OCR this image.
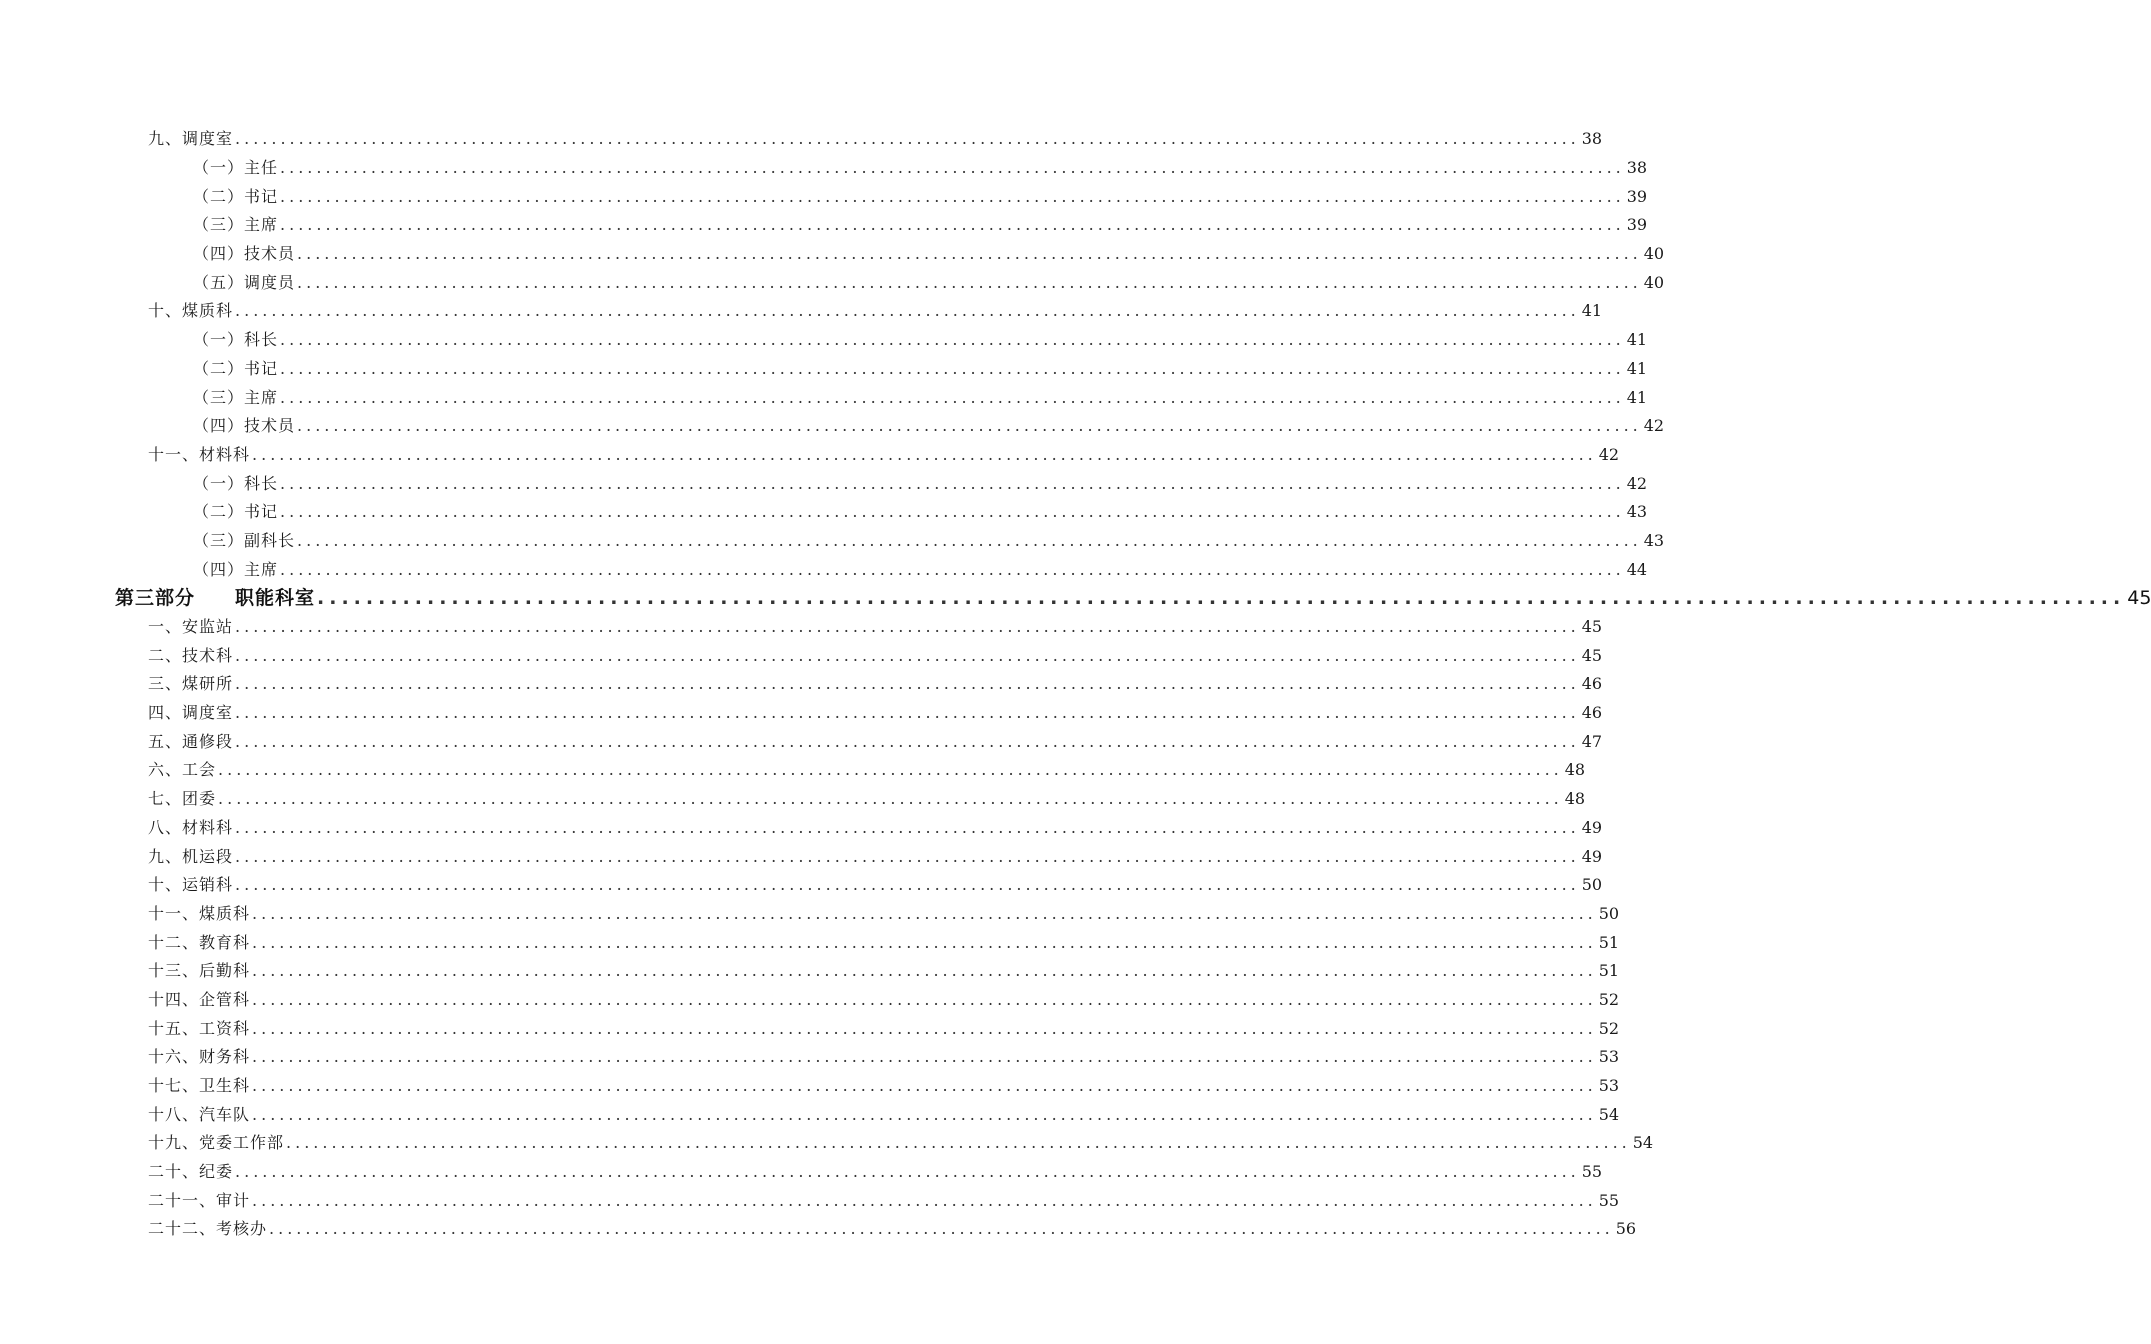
九、调度室 .................................................................................................................................................... 38
（一）主任 .................................................................................................................................................... 38
（二）书记 .................................................................................................................................................... 39
（三）主席 .................................................................................................................................................... 39
（四）技术员 .................................................................................................................................................... 40
（五）调度员 .................................................................................................................................................... 40
十、煤质科 .................................................................................................................................................... 41
（一）科长 .................................................................................................................................................... 41
（二）书记 .................................................................................................................................................... 41
（三）主席 .................................................................................................................................................... 41
（四）技术员 .................................................................................................................................................... 42
十一、材料科 .................................................................................................................................................... 42
（一）科长 .................................................................................................................................................... 42
（二）书记 .................................................................................................................................................... 43
（三）副科长 .................................................................................................................................................... 43
（四）主席 .................................................................................................................................................... 44
第三部分　　职能科室 .................................................................................................................................................... 45
一、安监站 .................................................................................................................................................... 45
二、技术科 .................................................................................................................................................... 45
三、煤研所 .................................................................................................................................................... 46
四、调度室 .................................................................................................................................................... 46
五、通修段 .................................................................................................................................................... 47
六、工会 .................................................................................................................................................... 48
七、团委 .................................................................................................................................................... 48
八、材料科 .................................................................................................................................................... 49
九、机运段 .................................................................................................................................................... 49
十、运销科 .................................................................................................................................................... 50
十一、煤质科 .................................................................................................................................................... 50
十二、教育科 .................................................................................................................................................... 51
十三、后勤科 .................................................................................................................................................... 51
十四、企管科 .................................................................................................................................................... 52
十五、工资科 .................................................................................................................................................... 52
十六、财务科 .................................................................................................................................................... 53
十七、卫生科 .................................................................................................................................................... 53
十八、汽车队 .................................................................................................................................................... 54
十九、党委工作部 .................................................................................................................................................... 54
二十、纪委 .................................................................................................................................................... 55
二十一、审计 .................................................................................................................................................... 55
二十二、考核办 .................................................................................................................................................... 56
